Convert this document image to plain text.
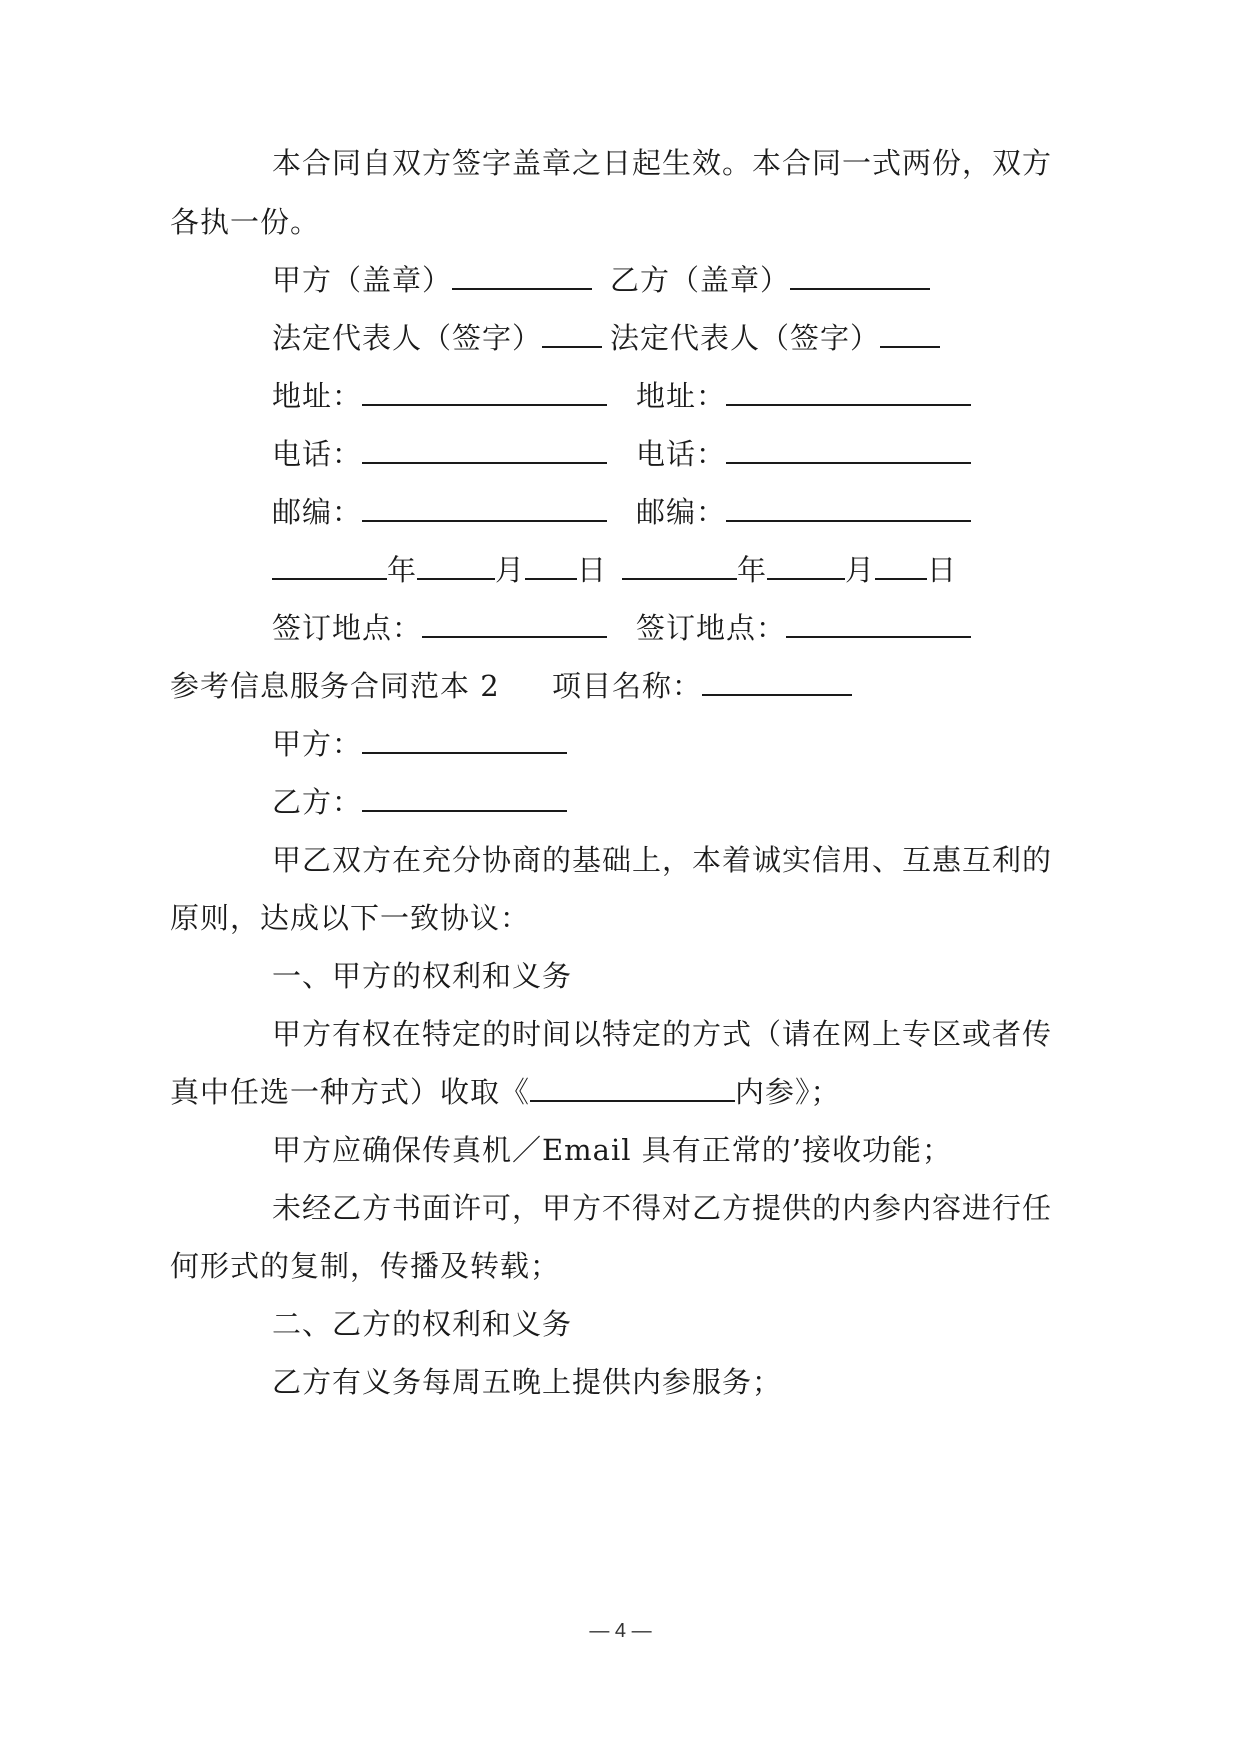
本合同自双方签字盖章之日起生效。本合同一式两份，双方
各执一份。
甲方（盖章）	乙方（盖章）
法定代表人（签字）	法定代表人（签字）
地址：	地址：
电话：	电话：
邮编：	邮编：
年	月 日	年	月 日
签订地点：	签订地点：
参考信息服务合同范本 2 项目名称：
甲方：
乙方：
甲乙双方在充分协商的基础上，本着诚实信用、互惠互利的
原则，达成以下一致协议：
一、甲方的权利和义务
甲方有权在特定的时间以特定的方式（请在网上专区或者传
真中任选一种方式）收取《	内参》；
甲方应确保传真机／Email 具有正常的’接收功能；
未经乙方书面许可，甲方不得对乙方提供的内参内容进行任
何形式的复制，传播及转载；
二、乙方的权利和义务
乙方有义务每周五晚上提供内参服务；
— 4 —
